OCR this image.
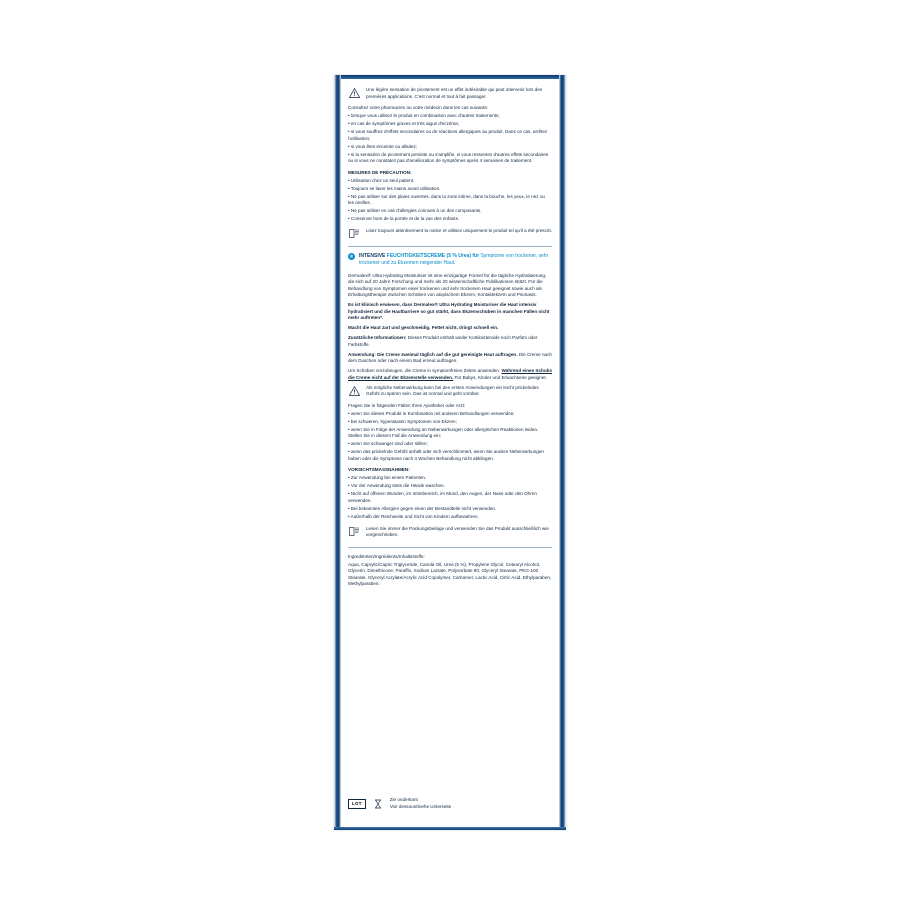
Une légère sensation de picotement est un effet indésirable qui peut intervenir lors des premières applications. C'est normal et tout à fait passager.

Consultez votre pharmacien ou votre médecin dans les cas suivants:

• lorsque vous utilisez le produit en combinaison avec d'autres traitements;

• en cas de symptômes graves et très aigus d'eczéma;

• si vous souffrez d'effets secondaires ou de réactions allergiques au produit. Dans ce cas, arrêtez l'utilisation;

• si vous êtes enceinte ou allaitez;

• si la sensation de picotement persiste ou s'amplifie, si vous ressentez d'autres effets secondaires ou si vous ne constatez pas d'amélioration de symptômes après 4 semaines de traitement.

MESURES DE PRÉCAUTION:

• Utilisation chez un seul patient.

• Toujours se laver les mains avant utilisation.

• Ne pas utiliser sur des plaies ouvertes, dans la zone intime, dans la bouche, les yeux, le nez ou les oreilles.

• Ne pas utiliser en cas d'allergies connues à un des composants.

• Conserver hors de la portée et de la vue des enfants.

Lisez toujours attentivement la notice et utilisez uniquement le produit tel qu'il a été prescrit.
®	INTENSIVE FEUCHTIGKEITSCREME (5 % Urea) für Symptome von trockener, sehr trockener und zu Ekzemen neigender Haut.

Dermalex® Ultra Hydrating Moisturiser ist eine einzigartige Formel für die tägliche Hydratisierung, die sich auf 20 Jahre Forschung und mehr als 20 wissenschaftliche Publikationen stützt. Für die Behandlung von Symptomen einer trockenen und sehr trockenen Haut geeignet sowie auch als Erhaltungstherapie zwischen Schüben von atopischem Ekzem, Kontaktekzem und Psoriasis.

Es ist klinisch erwiesen, dass Dermalex® Ultra Hydrating Moisturiser die Haut intensiv hydratisiert und die Hautbarriere so gut stärkt, dass Ekzemschüben in manchen Fällen nicht mehr auftreten*.

Macht die Haut zart und geschmeidig. Fettet nicht, dringt schnell ein.

Zusätzliche Informationen: Dieses Produkt enthält weder Kortikosteroide noch Parfüm oder Farbstoffe.

Anwendung: Die Creme zweimal täglich auf die gut gereinigte Haut auftragen. Die Creme nach dem Duschen oder nach einem Bad erneut auftragen.

Um Schüben vorzubeugen, die Creme in symptomfreien Zeiten anwenden. Während eines Schubs die Creme nicht auf der Ekzemstelle verwenden. Für Babys, Kinder und Erwachsene geeignet.

Als mögliche Nebenwirkung kann bei den ersten Anwendungen ein leicht prickelndes Gefühl zu spüren sein. Das ist normal und geht vorüber.

Fragen Sie in folgenden Fällen Ihren Apotheker oder Arzt:

• wenn Sie dieses Produkt in Kombination mit anderen Behandlungen verwenden;

• bei schweren, hyperakuten Symptomen von Ekzem;

• wenn Sie in Folge der Anwendung an Nebenwirkungen oder allergischen Reaktionen leiden. Stellen Sie in diesem Fall die Anwendung ein;

• wenn Sie schwanger sind oder stillen;

• wenn das prickelnde Gefühl anhält oder sich verschlimmert, wenn Sie andere Nebenwirkungen haben oder die Symptome nach 4 Wochen Behandlung nicht abklingen.

VORSICHTSMASSNAHMEN:

• Zur Anwendung bei einem Patienten.

• Vor der Anwendung stets die Hände waschen.

• Nicht auf offenen Wunden, im Intimbereich, im Mund, den Augen, der Nase oder den Ohren verwenden.

• Bei bekannten Allergien gegen einen der Bestandteile nicht verwenden.

• Außerhalb der Reichweite und Sicht von Kindern aufbewahren.

Lesen Sie immer die Packungsbeilage und verwenden Sie das Produkt ausschließlich wie vorgeschrieben.

Ingrediënten/Ingrédients/Inhaltsstoffe:

Aqua, Caprylic/Capric Triglyceride, Canola Oil, Urea (5 %), Propylene Glycol, Cetearyl Alcohol, Glycerin, Dimethicone, Paraffin, Sodium Lactate, Polysorbate 60, Glyceryl Stearate, PEG-100 Stearate, Glyceryl Acrylate/Acrylic Acid Copolymer, Carbomer, Lactic Acid, Citric Acid, Ethylparaben, Methylparaben.

LOT
Zie onderkant
Voir dessous/Siehe Unterseite
